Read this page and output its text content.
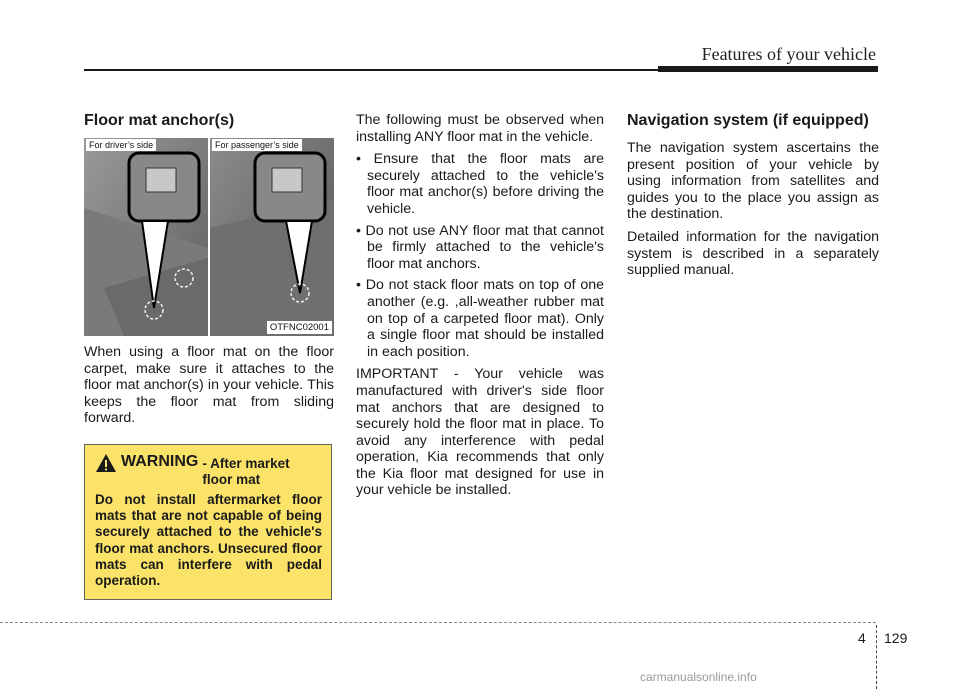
Features of your vehicle
Floor mat anchor(s)
For driver’s side	For passenger’s side
OTFNC02001

When using a floor mat on the floor carpet, make sure it attaches to the floor mat anchor(s) in your vehicle. This keeps the floor mat from sliding forward.

WARNING - After market floor mat
Do not install aftermarket floor mats that are not capable of being securely attached to the vehicle's floor mat anchors. Unsecured floor mats can interfere with pedal operation.

The following must be observed when installing ANY floor mat in the vehicle.

• Ensure that the floor mats are securely attached to the vehicle's floor mat anchor(s) before driving the vehicle.
• Do not use ANY floor mat that cannot be firmly attached to the vehicle's floor mat anchors.
• Do not stack floor mats on top of one another (e.g. ,all-weather rubber mat on top of a carpeted floor mat). Only a single floor mat should be installed in each position.

IMPORTANT - Your vehicle was manufactured with driver's side floor mat anchors that are designed to securely hold the floor mat in place. To avoid any interference with pedal operation, Kia recommends that only the Kia floor mat designed for use in your vehicle be installed.

Navigation system (if equipped)

The navigation system ascertains the present position of your vehicle by using information from satellites and guides you to the place you assign as the destination.

Detailed information for the navigation system is described in a separately supplied manual.

4 129
carmanualsonline.info
